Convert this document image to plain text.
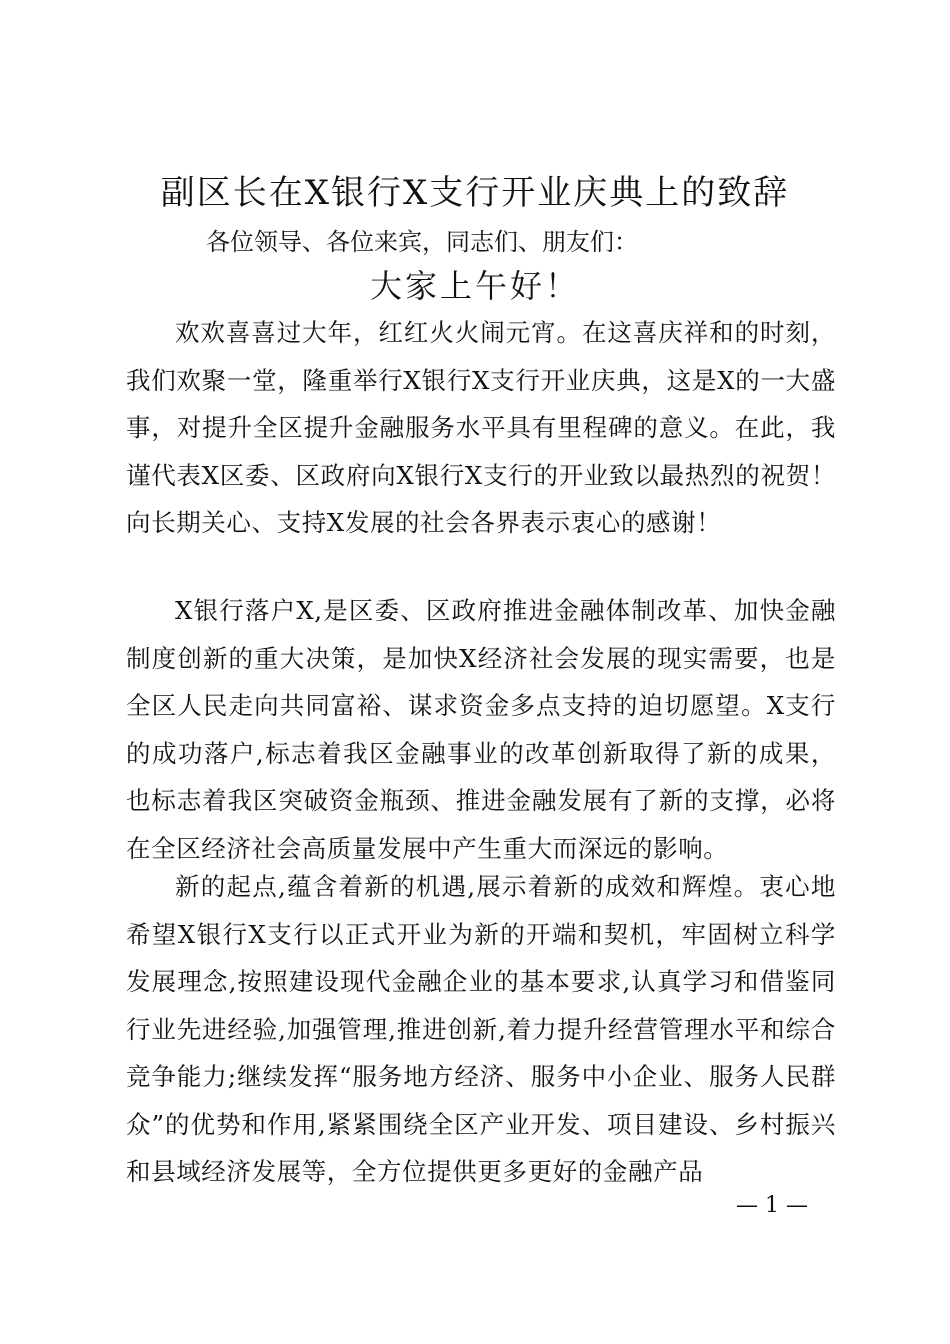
副区长在X银行X支行开业庆典上的致辞
各位领导、各位来宾，同志们、朋友们：
大家上午好！

欢欢喜喜过大年，红红火火闹元宵。在这喜庆祥和的时刻，我们欢聚一堂，隆重举行X银行X支行开业庆典，这是X的一大盛事，对提升全区提升金融服务水平具有里程碑的意义。在此，我谨代表X区委、区政府向X银行X支行的开业致以最热烈的祝贺！向长期关心、支持X发展的社会各界表示衷心的感谢！

X银行落户X,是区委、区政府推进金融体制改革、加快金融制度创新的重大决策，是加快X经济社会发展的现实需要，也是全区人民走向共同富裕、谋求资金多点支持的迫切愿望。X支行的成功落户,标志着我区金融事业的改革创新取得了新的成果，也标志着我区突破资金瓶颈、推进金融发展有了新的支撑，必将在全区经济社会高质量发展中产生重大而深远的影响。

新的起点,蕴含着新的机遇,展示着新的成效和辉煌。衷心地希望X银行X支行以正式开业为新的开端和契机，牢固树立科学发展理念,按照建设现代金融企业的基本要求,认真学习和借鉴同行业先进经验,加强管理,推进创新,着力提升经营管理水平和综合竞争能力;继续发挥“服务地方经济、服务中小企业、服务人民群众”的优势和作用,紧紧围绕全区产业开发、项目建设、乡村振兴和县域经济发展等，全方位提供更多更好的金融产品

— 1 —
